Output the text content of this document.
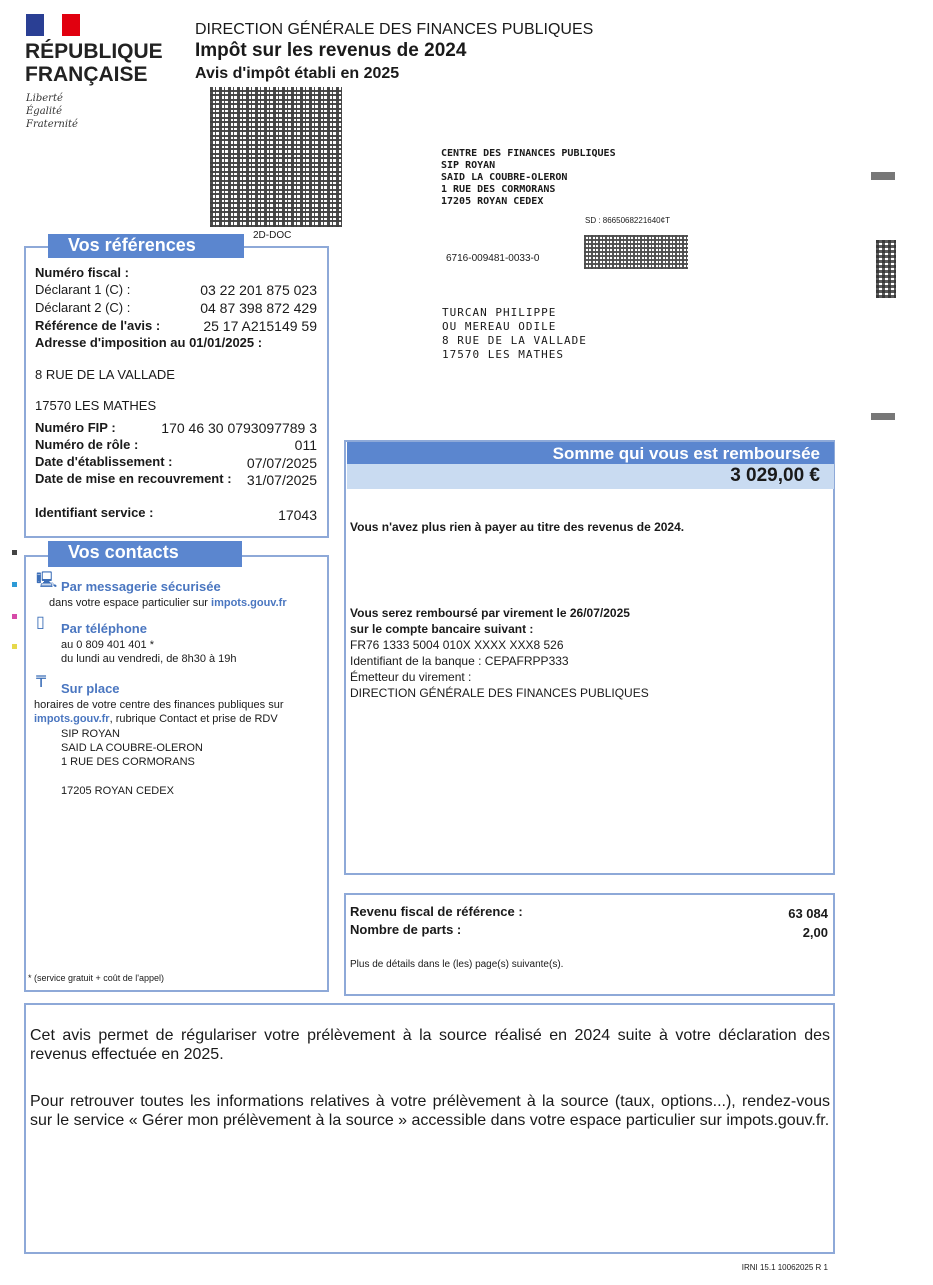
RÉPUBLIQUE
FRANÇAISE
Liberté
Égalité
Fraternité
DIRECTION GÉNÉRALE DES FINANCES PUBLIQUES
Impôt sur les revenus de 2024
Avis d'impôt établi en 2025
2D-DOC
CENTRE DES FINANCES PUBLIQUES
SIP ROYAN
SAID LA COUBRE-OLERON
1 RUE DES CORMORANS
17205 ROYAN CEDEX
SD : 8665068221640¢T
6716-009481-0033-0
TURCAN PHILIPPE
OU MEREAU ODILE
8 RUE DE LA VALLADE
17570 LES MATHES
Numéro fiscal :
Déclarant 1 (C) :	03 22 201 875 023
Déclarant 2 (C) :	04 87 398 872 429
Référence de l'avis :	25 17 A215149 59
Adresse d'imposition au 01/01/2025 :
8 RUE DE LA VALLADE
17570 LES MATHES
Numéro FIP :	170 46 30 0793097789 3
Numéro de rôle :	011
Date d'établissement :	07/07/2025
Date de mise en recouvrement : 31/07/2025
Identifiant service :	17043
Vos références
🖳 Par messagerie sécurisée
dans votre espace particulier sur impots.gouv.fr
▯	Par téléphone
au 0 809 401 401 *
du lundi au vendredi, de 8h30 à 19h
₸	Sur place
horaires de votre centre des finances publiques sur
impots.gouv.fr, rubrique Contact et prise de RDV
SIP ROYAN
SAID LA COUBRE-OLERON
1 RUE DES CORMORANS
17205 ROYAN CEDEX
* (service gratuit + coût de l'appel)
Vos contacts
Somme qui vous est remboursée
3 029,00 €
Vous n'avez plus rien à payer au titre des revenus de 2024.
Vous serez remboursé par virement le 26/07/2025
sur le compte bancaire suivant :
FR76 1333 5004 010X XXXX XXX8 526
Identifiant de la banque : CEPAFRPP333
Émetteur du virement :
DIRECTION GÉNÉRALE DES FINANCES PUBLIQUES
Revenu fiscal de référence :	63 084
Nombre de parts :	2,00
Plus de détails dans le (les) page(s) suivante(s).
Cet avis permet de régulariser votre prélèvement à la source réalisé en 2024 suite à votre déclaration des revenus effectuée en 2025.
Pour retrouver toutes les informations relatives à votre prélèvement à la source (taux, options...), rendez-vous sur le service « Gérer mon prélèvement à la source » accessible dans votre espace particulier sur impots.gouv.fr.
IRNI 15.1 10062025 R 1
